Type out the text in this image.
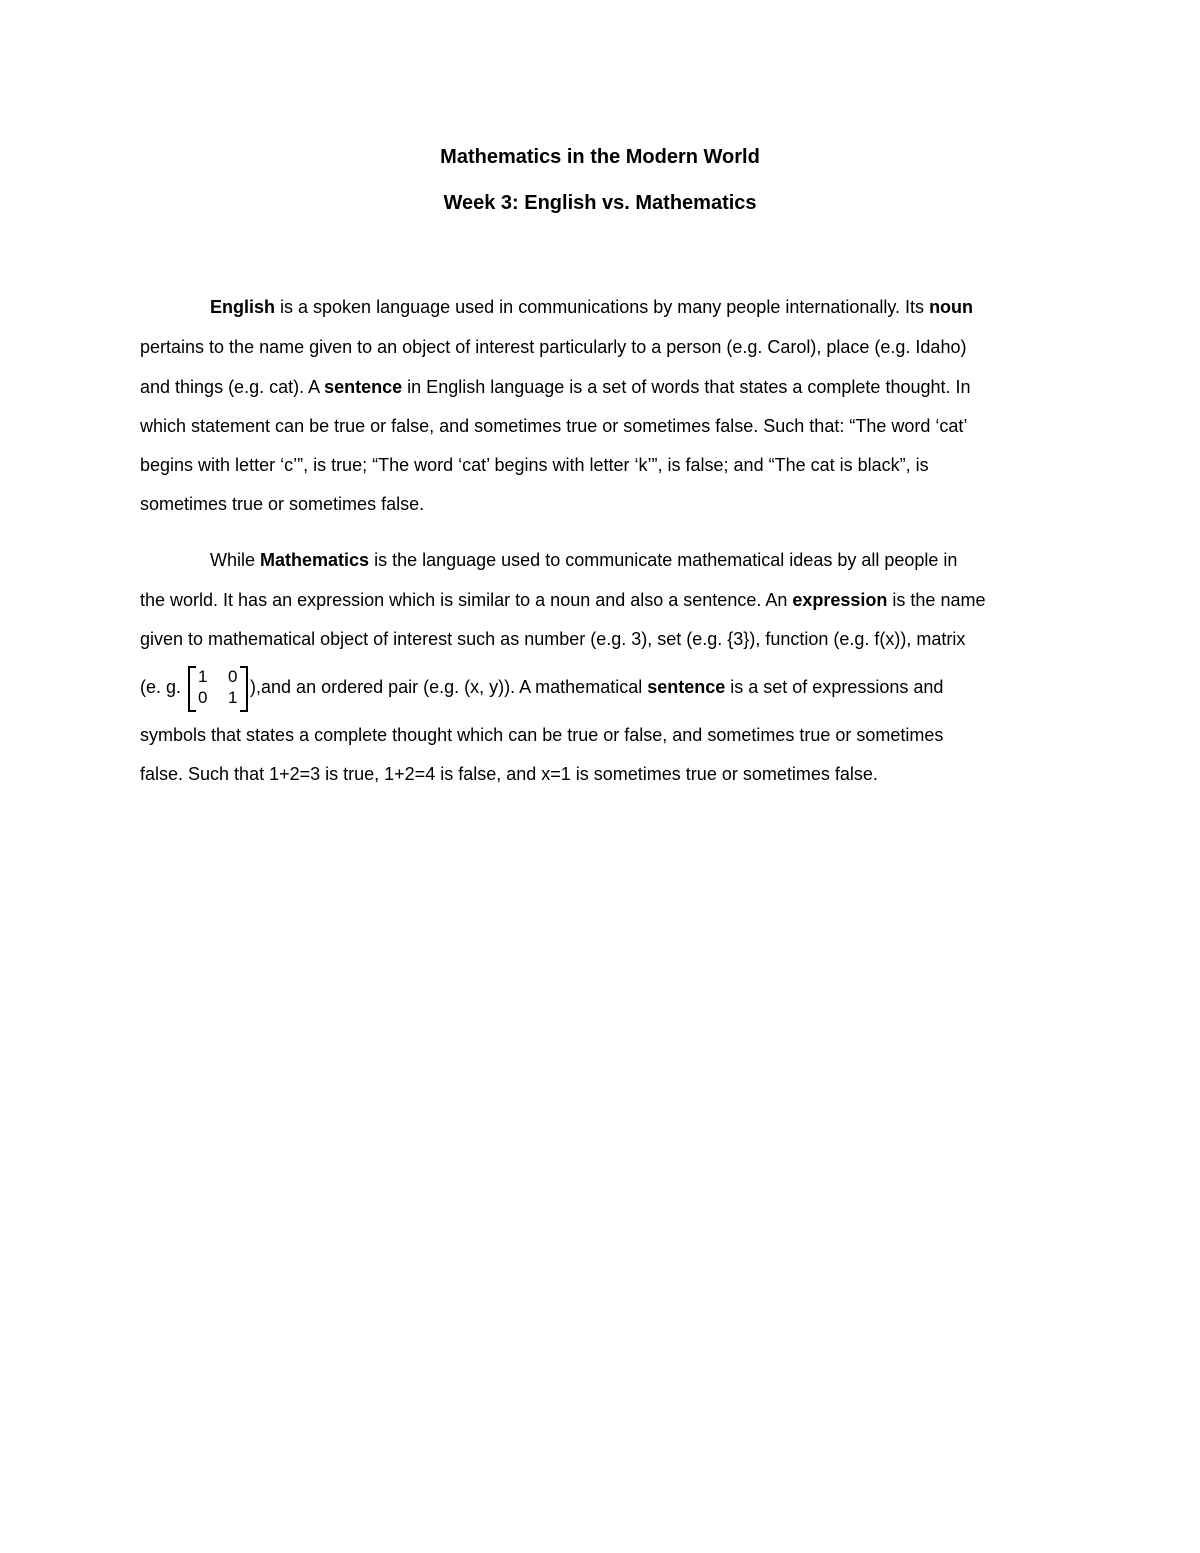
Mathematics in the Modern World
Week 3: English vs. Mathematics
English is a spoken language used in communications by many people internationally. Its noun
pertains to the name given to an object of interest particularly to a person (e.g. Carol), place (e.g. Idaho)
and things (e.g. cat). A sentence in English language is a set of words that states a complete thought. In
which statement can be true or false, and sometimes true or sometimes false. Such that: “The word ‘cat’
begins with letter ‘c’”, is true; “The word ‘cat’ begins with letter ‘k’”, is false; and “The cat is black”, is
sometimes true or sometimes false.
While Mathematics is the language used to communicate mathematical ideas by all people in
the world. It has an expression which is similar to a noun and also a sentence. An expression is the name
given to mathematical object of interest such as number (e.g. 3), set (e.g. {3}), function (e.g. f(x)), matrix
(e. g.
1 0
0 1
),and an ordered pair (e.g. (x, y)). A mathematical sentence is a set of expressions and
symbols that states a complete thought which can be true or false, and sometimes true or sometimes
false. Such that 1+2=3 is true, 1+2=4 is false, and x=1 is sometimes true or sometimes false.
